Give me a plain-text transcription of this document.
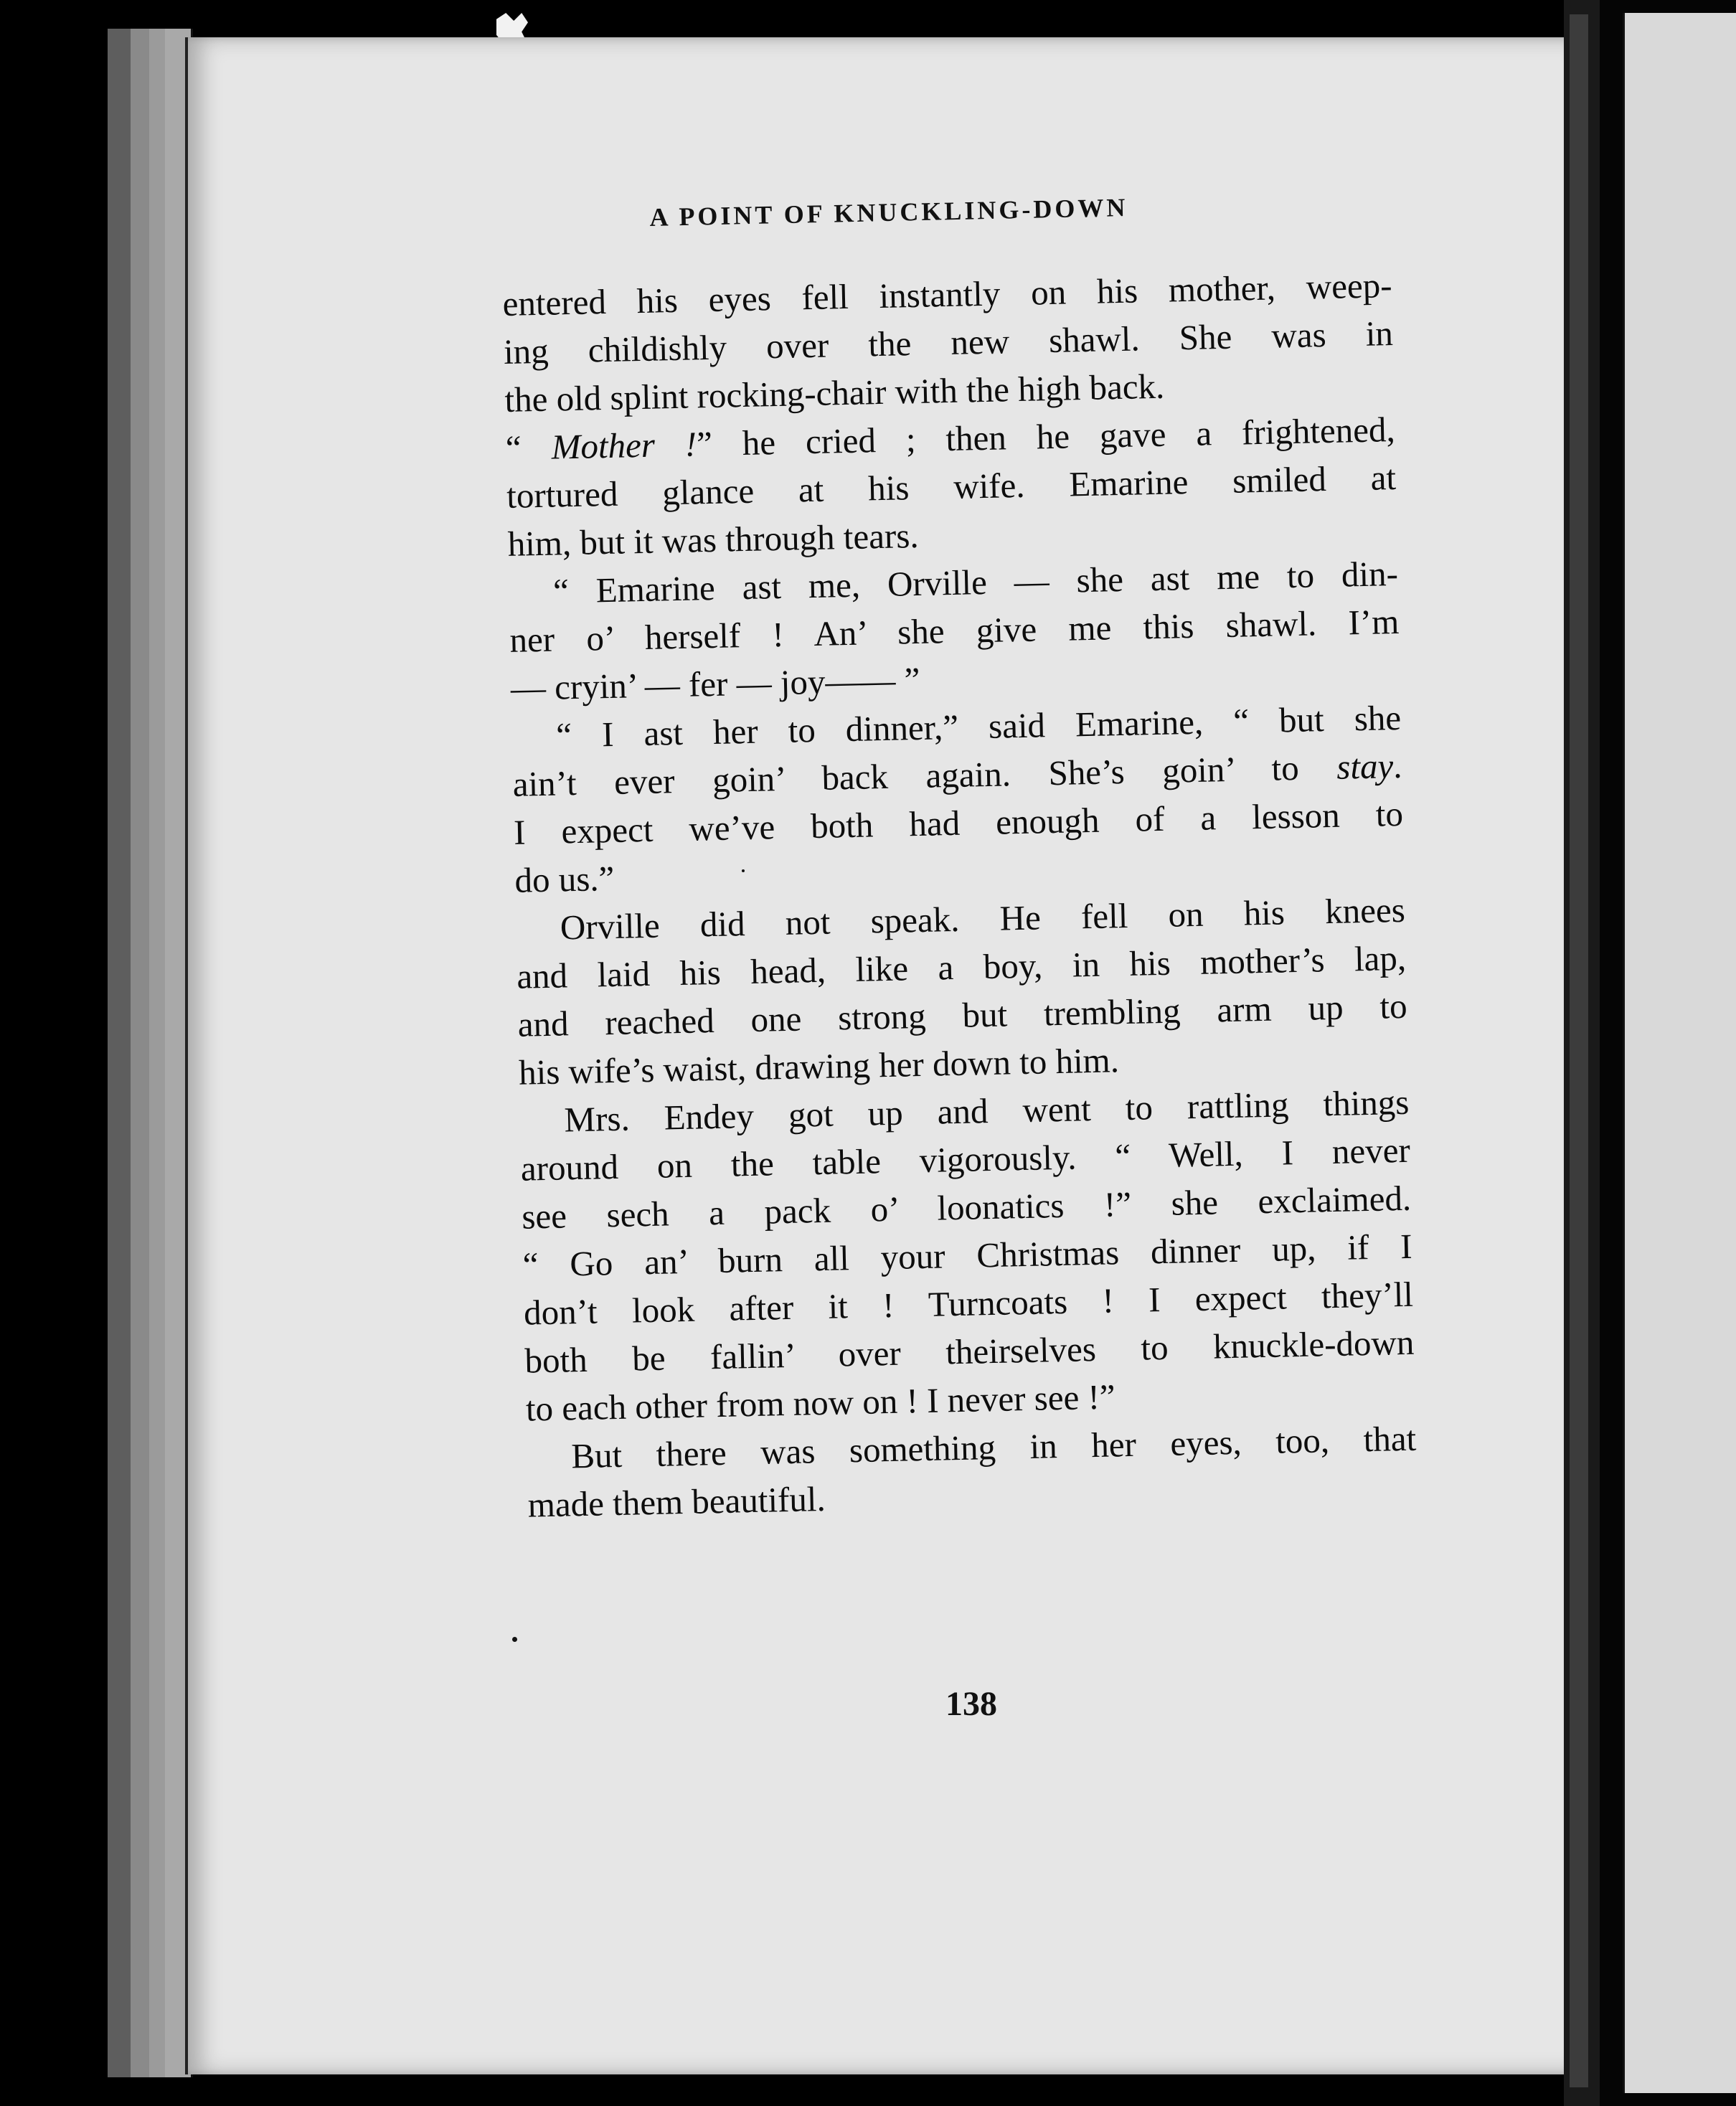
A POINT OF KNUCKLING-DOWN
entered his eyes fell instantly on his mother, weep-
ing childishly over the new shawl. She was in
the old splint rocking-chair with the high back.
“ Mother !” he cried ; then he gave a frightened,
tortured glance at his wife. Emarine smiled at
him, but it was through tears.
“ Emarine ast me, Orville — she ast me to din-
ner o’ herself ! An’ she give me this shawl. I’m
— cryin’ — fer — joy—— ”
“ I ast her to dinner,” said Emarine, “ but she
ain’t ever goin’ back again. She’s goin’ to stay.
I expect we’ve both had enough of a lesson to
do us.”
Orville did not speak. He fell on his knees
and laid his head, like a boy, in his mother’s lap,
and reached one strong but trembling arm up to
his wife’s waist, drawing her down to him.
Mrs. Endey got up and went to rattling things
around on the table vigorously. “ Well, I never
see sech a pack o’ loonatics !” she exclaimed.
“ Go an’ burn all your Christmas dinner up, if I
don’t look after it ! Turncoats ! I expect they’ll
both be fallin’ over theirselves to knuckle-down
to each other from now on ! I never see !”
But there was something in her eyes, too, that
made them beautiful.
138
